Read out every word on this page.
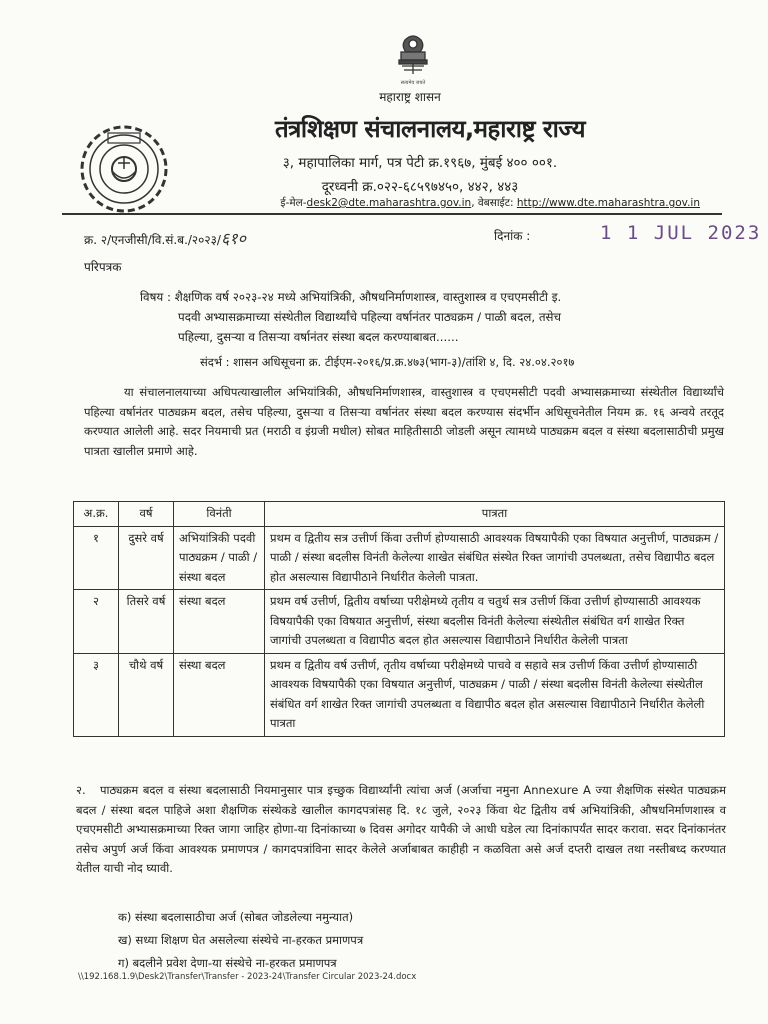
सत्यमेव जयते
महाराष्ट्र शासन
तंत्रशिक्षण संचालनालय,महाराष्ट्र राज्य
३, महापालिका मार्ग, पत्र पेटी क्र.१९६७, मुंबई ४०० ००१.
दूरध्वनी क्र.०२२-६८५९७४५०, ४४२, ४४३
ई-मेल-desk2@dte.maharashtra.gov.in, वेबसाईट: http://www.dte.maharashtra.gov.in
क्र. २/एनजीसी/वि.सं.ब./२०२३/६१०	दिनांक :	1 1 JUL 2023
परिपत्रक
विषय : शैक्षणिक वर्ष २०२३-२४ मध्ये अभियांत्रिकी, औषधनिर्माणशास्त्र, वास्तुशास्त्र व एचएमसीटी इ.
पदवी अभ्यासक्रमाच्या संस्थेतील विद्यार्थ्यांचे पहिल्या वर्षानंतर पाठ्यक्रम / पाळी बदल, तसेच
पहिल्या, दुसऱ्या व तिसऱ्या वर्षानंतर संस्था बदल करण्याबाबत......
संदर्भ : शासन अधिसूचना क्र. टीईएम-२०१६/प्र.क्र.४७३(भाग-३)/तांशि ४, दि. २४.०४.२०१७
या संचालनालयाच्या अधिपत्याखालील अभियांत्रिकी, औषधनिर्माणशास्त्र, वास्तुशास्त्र व एचएमसीटी पदवी अभ्यासक्रमाच्या संस्थेतील विद्यार्थ्यांचे पहिल्या वर्षानंतर पाठ्यक्रम बदल, तसेच पहिल्या, दुसऱ्या व तिसऱ्या वर्षानंतर संस्था बदल करण्यास संदर्भीन अधिसूचनेतील नियम क्र. १६ अन्वये तरतूद करण्यात आलेली आहे. सदर नियमाची प्रत (मराठी व इंग्रजी मधील) सोबत माहितीसाठी जोडली असून त्यामध्ये पाठ्यक्रम बदल व संस्था बदलासाठीची प्रमुख पात्रता खालील प्रमाणे आहे.
अ.क्र.	वर्ष	विनंती	पात्रता
१	दुसरे वर्ष	अभियांत्रिकी पदवी पाठ्यक्रम / पाळी / संस्था बदल	प्रथम व द्वितीय सत्र उत्तीर्ण किंवा उत्तीर्ण होण्यासाठी आवश्यक विषयापैकी एका विषयात अनुत्तीर्ण, पाठ्यक्रम / पाळी / संस्था बदलीस विनंती केलेल्या शाखेत संबंधित संस्थेत रिक्त जागांची उपलब्धता, तसेच विद्यापीठ बदल होत असल्यास विद्यापीठाने निर्धारीत केलेली पात्रता.
२	तिसरे वर्ष	संस्था बदल	प्रथम वर्ष उत्तीर्ण, द्वितीय वर्षाच्या परीक्षेमध्ये तृतीय व चतुर्थ सत्र उत्तीर्ण किंवा उत्तीर्ण होण्यासाठी आवश्यक विषयापैकी एका विषयात अनुत्तीर्ण, संस्था बदलीस विनंती केलेल्या संस्थेतील संबंधित वर्ग शाखेत रिक्त जागांची उपलब्धता व विद्यापीठ बदल होत असल्यास विद्यापीठाने निर्धारीत केलेली पात्रता
३	चौथे वर्ष	संस्था बदल	प्रथम व द्वितीय वर्ष उत्तीर्ण, तृतीय वर्षाच्या परीक्षेमध्ये पाचवे व सहावे सत्र उत्तीर्ण किंवा उत्तीर्ण होण्यासाठी आवश्यक विषयापैकी एका विषयात अनुत्तीर्ण, पाठ्यक्रम / पाळी / संस्था बदलीस विनंती केलेल्या संस्थेतील संबंधित वर्ग शाखेत रिक्त जागांची उपलब्धता व विद्यापीठ बदल होत असल्यास विद्यापीठाने निर्धारीत केलेली पात्रता
२. पाठ्यक्रम बदल व संस्था बदलासाठी नियमानुसार पात्र इच्छुक विद्यार्थ्यांनी त्यांचा अर्ज (अर्जाचा नमुना Annexure A ज्या शैक्षणिक संस्थेत पाठ्यक्रम बदल / संस्था बदल पाहिजे अशा शैक्षणिक संस्थेकडे खालील कागदपत्रांसह दि. १८ जुले, २०२३ किंवा थेट द्वितीय वर्ष अभियांत्रिकी, औषधनिर्माणशास्त्र व एचएमसीटी अभ्यासक्रमाच्या रिक्त जागा जाहिर होणा-या दिनांकाच्या ७ दिवस अगोदर यापैकी जे आधी घडेल त्या दिनांकापर्यंत सादर करावा. सदर दिनांकानंतर तसेच अपुर्ण अर्ज किंवा आवश्यक प्रमाणपत्र / कागदपत्रांविना सादर केलेले अर्जाबाबत काहीही न कळविता असे अर्ज दप्तरी दाखल तथा नस्तीबध्द करण्यात येतील याची नोद घ्यावी.
क) संस्था बदलासाठीचा अर्ज (सोबत जोडलेल्या नमुन्यात)
ख) सध्या शिक्षण घेत असलेल्या संस्थेचे ना-हरकत प्रमाणपत्र
ग) बदलीने प्रवेश देणा-या संस्थेचे ना-हरकत प्रमाणपत्र
\\192.168.1.9\Desk2\Transfer\Transfer - 2023-24\Transfer Circular 2023-24.docx
